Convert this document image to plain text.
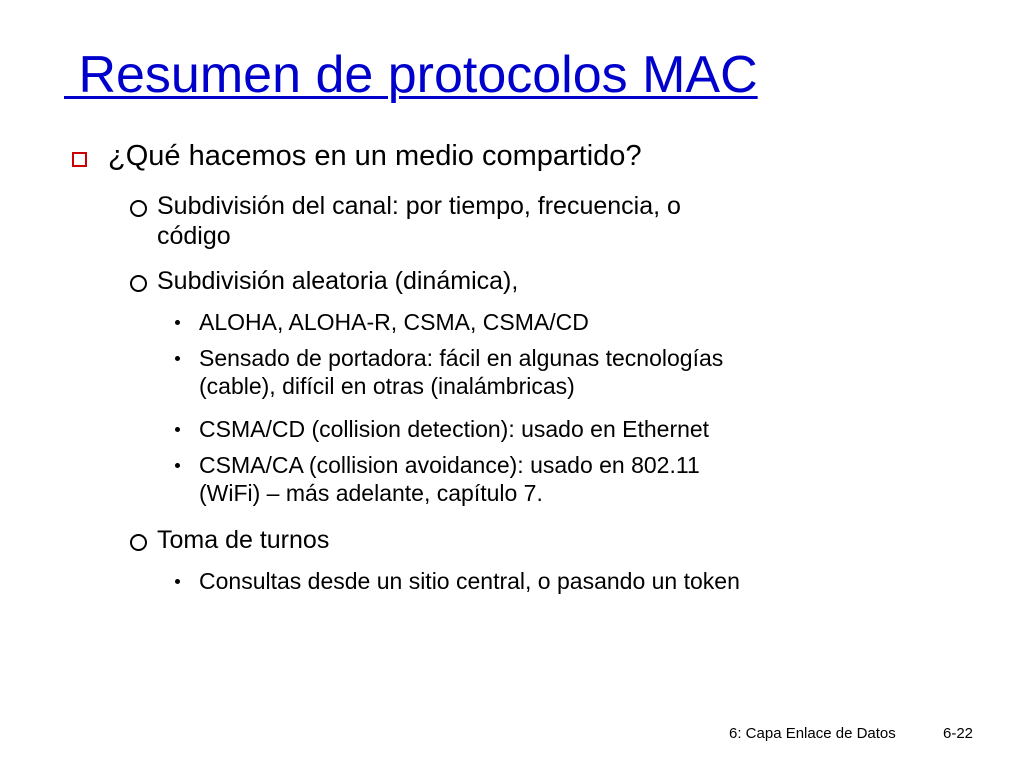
Resumen de protocolos MAC

¿Qué hacemos en un medio compartido?

Subdivisión del canal: por tiempo, frecuencia, o
código

Subdivisión aleatoria (dinámica),

ALOHA, ALOHA-R, CSMA, CSMA/CD

Sensado de portadora: fácil en algunas tecnologías
(cable), difícil en otras (inalámbricas)

CSMA/CD (collision detection): usado en Ethernet

CSMA/CA (collision avoidance): usado en 802.11
(WiFi) – más adelante, capítulo 7.

Toma de turnos

Consultas desde un sitio central, o pasando un token

6: Capa Enlace de Datos	6-22
